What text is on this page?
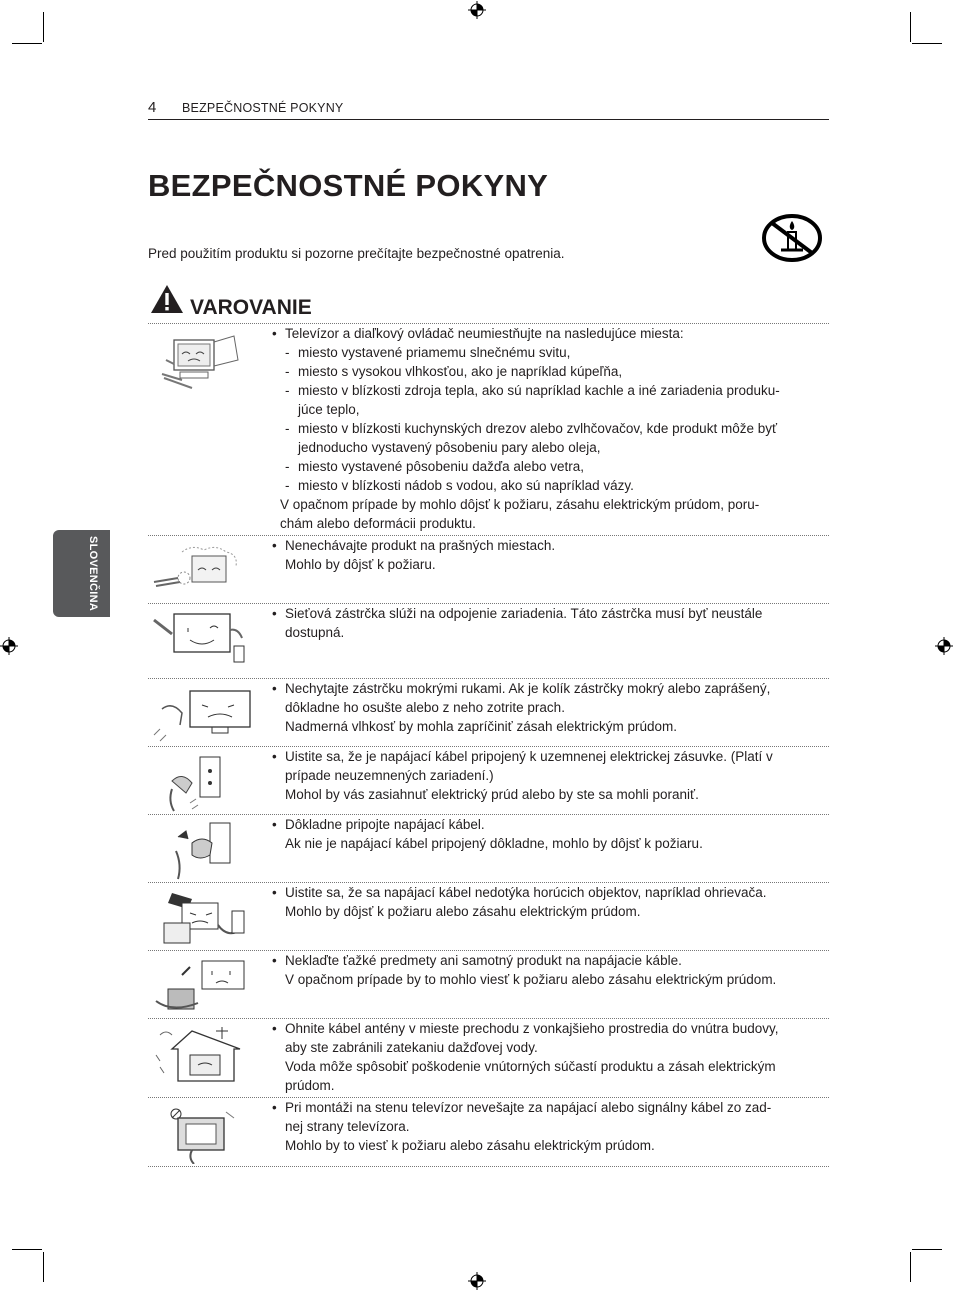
4 BEZPEČNOSTNÉ POKYNY
BEZPEČNOSTNÉ POKYNY
Pred použitím produktu si pozorne prečítajte bezpečnostné opatrenia.
VAROVANIE
SLOVENČINA

• Televízor a diaľkový ovládač neumiestňujte na nasledujúce miesta:

- miesto vystavené priamemu slnečnému svitu,

- miesto s vysokou vlhkosťou, ako je napríklad kúpeľňa,

- miesto v blízkosti zdroja tepla, ako sú napríklad kachle a iné zariadenia produku-

júce teplo,

- miesto v blízkosti kuchynských drezov alebo zvlhčovačov, kde produkt môže byť

jednoducho vystavený pôsobeniu pary alebo oleja,

- miesto vystavené pôsobeniu dažďa alebo vetra,

- miesto v blízkosti nádob s vodou, ako sú napríklad vázy.

V opačnom prípade by mohlo dôjsť k požiaru, zásahu elektrickým prúdom, poru-

chám alebo deformácii produktu.

• Nenechávajte produkt na prašných miestach.

Mohlo by dôjsť k požiaru.

• Sieťová zástrčka slúži na odpojenie zariadenia. Táto zástrčka musí byť neustále

dostupná.

• Nechytajte zástrčku mokrými rukami. Ak je kolík zástrčky mokrý alebo zaprášený,

dôkladne ho osušte alebo z neho zotrite prach.

Nadmerná vlhkosť by mohla zapríčiniť zásah elektrickým prúdom.

• Uistite sa, že je napájací kábel pripojený k uzemnenej elektrickej zásuvke. (Platí v

prípade neuzemnených zariadení.)

Mohol by vás zasiahnuť elektrický prúd alebo by ste sa mohli poraniť.

• Dôkladne pripojte napájací kábel.

Ak nie je napájací kábel pripojený dôkladne, mohlo by dôjsť k požiaru.

• Uistite sa, že sa napájací kábel nedotýka horúcich objektov, napríklad ohrievača.

Mohlo by dôjsť k požiaru alebo zásahu elektrickým prúdom.

• Neklaďte ťažké predmety ani samotný produkt na napájacie káble.

V opačnom prípade by to mohlo viesť k požiaru alebo zásahu elektrickým prúdom.

• Ohnite kábel antény v mieste prechodu z vonkajšieho prostredia do vnútra budovy,

aby ste zabránili zatekaniu dažďovej vody.

Voda môže spôsobiť poškodenie vnútorných súčastí produktu a zásah elektrickým

prúdom.

• Pri montáži na stenu televízor nevešajte za napájací alebo signálny kábel zo zad-

nej strany televízora.

Mohlo by to viesť k požiaru alebo zásahu elektrickým prúdom.
